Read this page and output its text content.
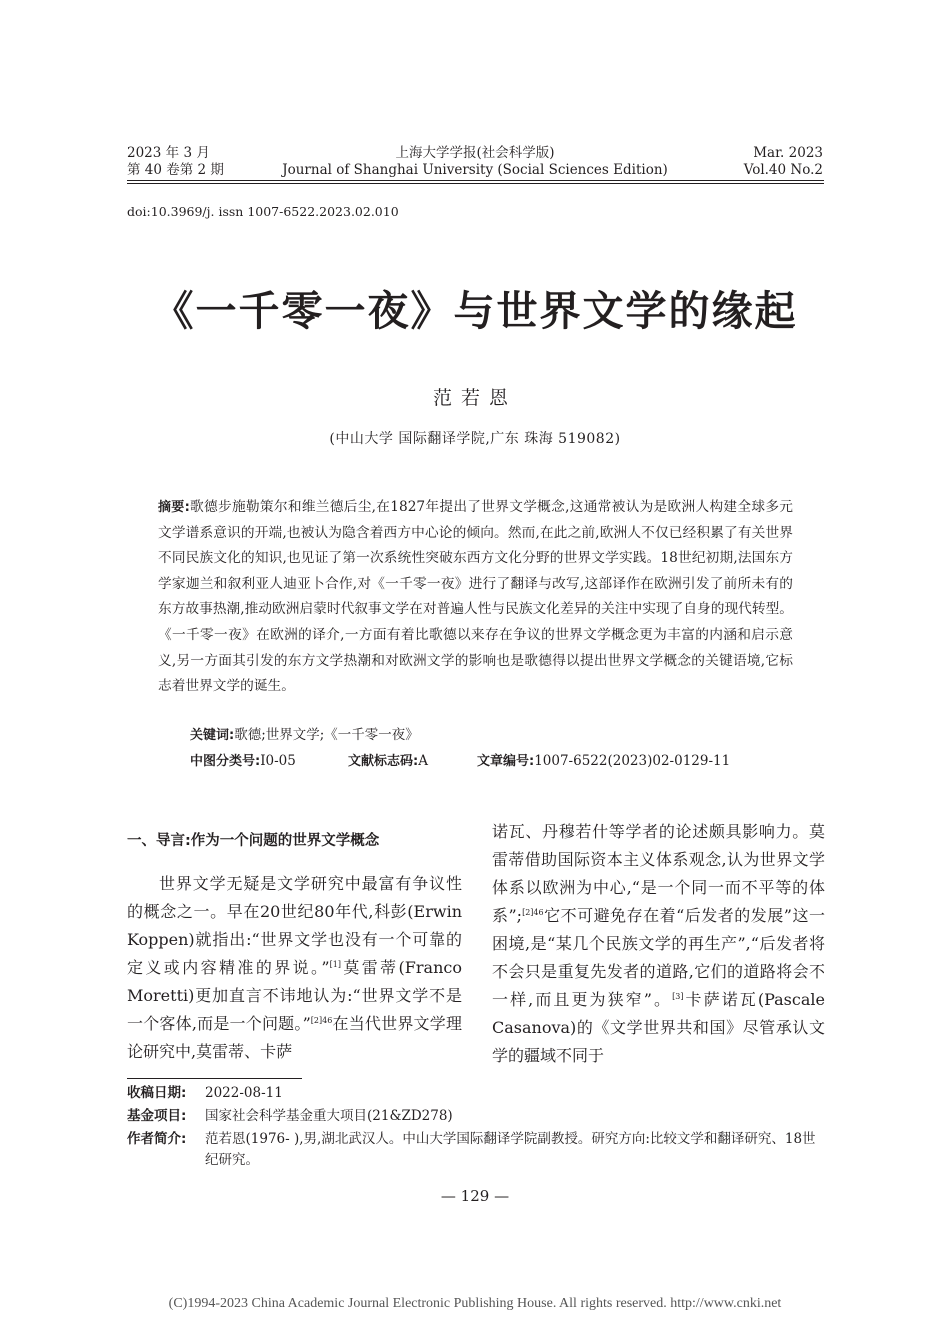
2023 年 3 月
第 40 卷第 2 期
上海大学学报(社会科学版)
Journal of Shanghai University (Social Sciences Edition)
Mar. 2023
Vol.40 No.2
doi:10.3969/j. issn 1007-6522.2023.02.010
《一千零一夜》与世界文学的缘起
范若恩
(中山大学 国际翻译学院,广东 珠海 519082)
摘要:歌德步施勒策尔和维兰德后尘,在1827年提出了世界文学概念,这通常被认为是欧洲人构建全球多元文学谱系意识的开端,也被认为隐含着西方中心论的倾向。然而,在此之前,欧洲人不仅已经积累了有关世界不同民族文化的知识,也见证了第一次系统性突破东西方文化分野的世界文学实践。18世纪初期,法国东方学家迦兰和叙利亚人迪亚卜合作,对《一千零一夜》进行了翻译与改写,这部译作在欧洲引发了前所未有的东方故事热潮,推动欧洲启蒙时代叙事文学在对普遍人性与民族文化差异的关注中实现了自身的现代转型。《一千零一夜》在欧洲的译介,一方面有着比歌德以来存在争议的世界文学概念更为丰富的内涵和启示意义,另一方面其引发的东方文学热潮和对欧洲文学的影响也是歌德得以提出世界文学概念的关键语境,它标志着世界文学的诞生。
关键词:歌德;世界文学;《一千零一夜》
中图分类号:I0-05	文献标志码:A	文章编号:1007-6522(2023)02-0129-11
一、导言:作为一个问题的世界文学概念
世界文学无疑是文学研究中最富有争议性的概念之一。早在20世纪80年代,科彭(Erwin Koppen)就指出:“世界文学也没有一个可靠的定义或内容精准的界说。”[1]莫雷蒂(Franco Moretti)更加直言不讳地认为:“世界文学不是一个客体,而是一个问题。”$^{[2]46}$在当代世界文学理论研究中,莫雷蒂、卡萨
诺瓦、丹穆若什等学者的论述颇具影响力。莫雷蒂借助国际资本主义体系观念,认为世界文学体系以欧洲为中心,“是一个同一而不平等的体系”;$^{[2]46}$它不可避免存在着“后发者的发展”这一困境,是“某几个民族文学的再生产”,“后发者将不会只是重复先发者的道路,它们的道路将会不一样,而且更为狭窄”。[3]卡萨诺瓦(Pascale Casanova)的《文学世界共和国》尽管承认文学的疆域不同于
收稿日期: 2022-08-11
基金项目: 国家社会科学基金重大项目(21&ZD278)
作者简介:	范若恩(1976- ),男,湖北武汉人。中山大学国际翻译学院副教授。研究方向:比较文学和翻译研究、18世纪研究。
— 129 —
(C)1994-2023 China Academic Journal Electronic Publishing House. All rights reserved. http://www.cnki.net
